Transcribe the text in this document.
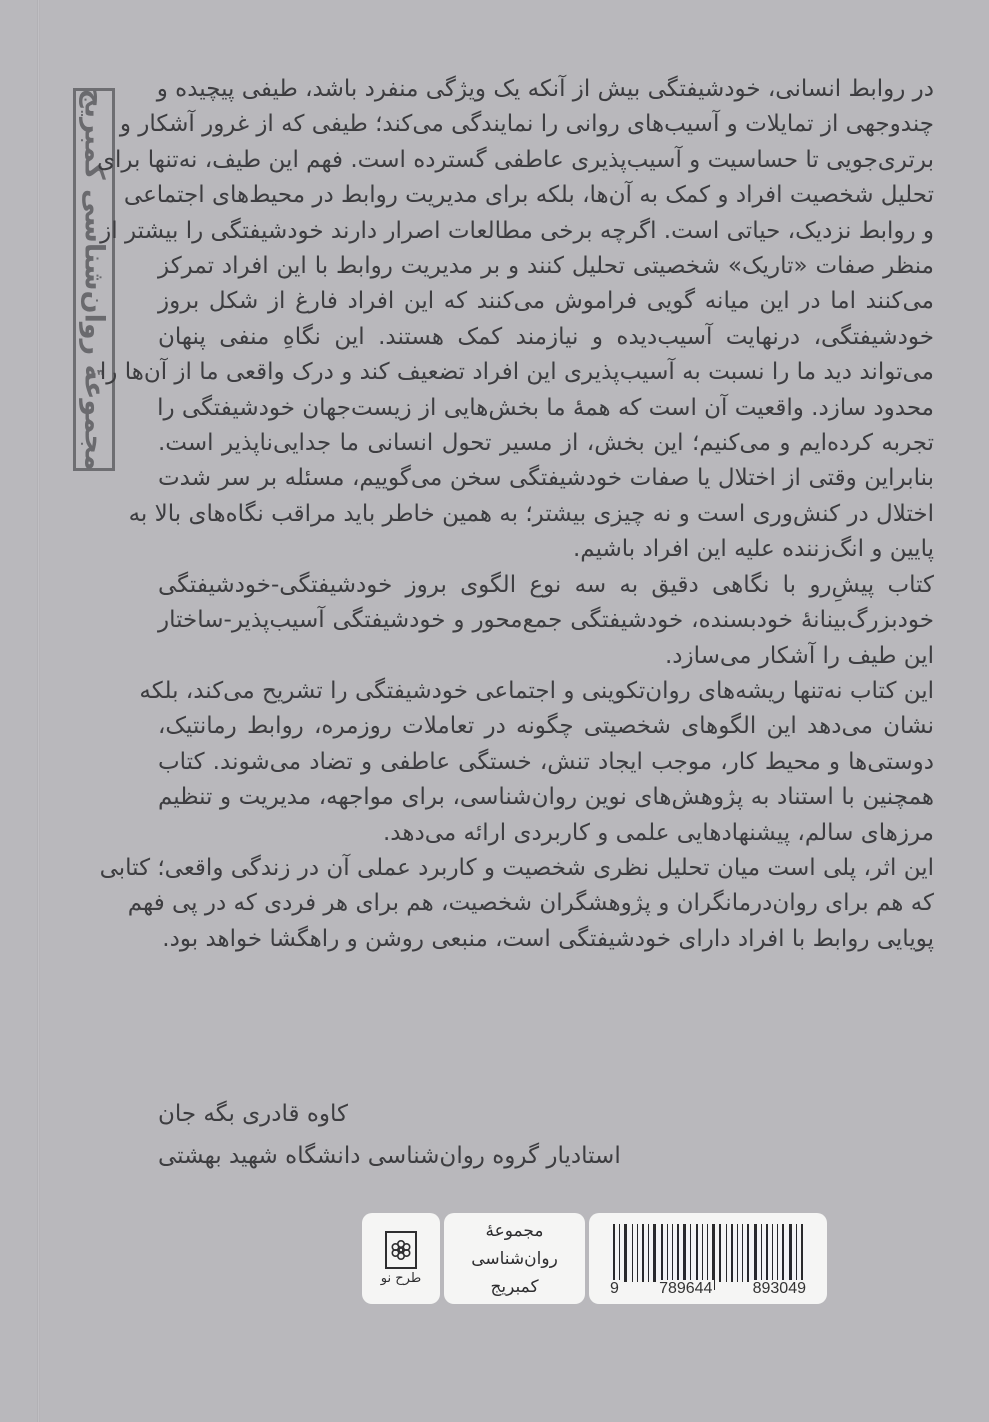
مجموعهٔ روان‌شناسی کمبریج در روابط انسانی، خودشیفتگی بیش از آنکه یک ویژگی منفرد باشد، طیفی پیچیده و
چندوجهی از تمایلات و آسیب‌های روانی را نمایندگی می‌کند؛ طیفی که از غرور آشکار و
برتری‌جویی تا حساسیت و آسیب‌پذیری عاطفی گسترده است. فهم این طیف، نه‌تنها برای
تحلیل شخصیت افراد و کمک به آن‌ها، بلکه برای مدیریت روابط در محیط‌های اجتماعی
و روابط نزدیک، حیاتی است. اگرچه برخی مطالعات اصرار دارند خودشیفتگی را بیشتر از
منظر صفات «تاریک» شخصیتی تحلیل کنند و بر مدیریت روابط با این افراد تمرکز
می‌کنند اما در این میانه گویی فراموش می‌کنند که این افراد فارغ از شکل بروز
خودشیفتگی، درنهایت آسیب‌دیده و نیازمند کمک هستند. این نگاهِ منفی پنهان
می‌تواند دید ما را نسبت به آسیب‌پذیری این افراد تضعیف کند و درک واقعی ما از آن‌ها را
محدود سازد. واقعیت آن است که همهٔ ما بخش‌هایی از زیست‌جهان خودشیفتگی را
تجربه کرده‌ایم و می‌کنیم؛ این بخش، از مسیر تحول انسانی ما جدایی‌ناپذیر است.
بنابراین وقتی از اختلال یا صفات خودشیفتگی سخن می‌گوییم، مسئله بر سر شدت
اختلال در کنش‌وری است و نه چیزی بیشتر؛ به همین خاطر باید مراقب نگاه‌های بالا به
پایین و انگ‌زننده علیه این افراد باشیم.
کتاب پیشِ‌رو با نگاهی دقیق به سه نوع الگوی بروز خودشیفتگی-خودشیفتگی
خودبزرگ‌بینانهٔ خودبسنده، خودشیفتگی جمع‌محور و خودشیفتگی آسیب‌پذیر-ساختار
این طیف را آشکار می‌سازد.
این کتاب نه‌تنها ریشه‌های روان‌تکوینی و اجتماعی خودشیفتگی را تشریح می‌کند، بلکه
نشان می‌دهد این الگوهای شخصیتی چگونه در تعاملات روزمره، روابط رمانتیک،
دوستی‌ها و محیط کار، موجب ایجاد تنش، خستگی عاطفی و تضاد می‌شوند. کتاب
همچنین با استناد به پژوهش‌های نوین روان‌شناسی، برای مواجهه، مدیریت و تنظیم
مرزهای سالم، پیشنهادهایی علمی و کاربردی ارائه می‌دهد.
این اثر، پلی است میان تحلیل نظری شخصیت و کاربرد عملی آن در زندگی واقعی؛ کتابی
که هم برای روان‌درمانگران و پژوهشگران شخصیت، هم برای هر فردی که در پی فهم
پویایی روابط با افراد دارای خودشیفتگی است، منبعی روشن و راهگشا خواهد بود.
کاوه قادری بگه جان
استادیار گروه روان‌شناسی دانشگاه شهید بهشتی
طرح نو
مجموعهٔ روان‌شناسی
کمبریج	9	789644	893049
